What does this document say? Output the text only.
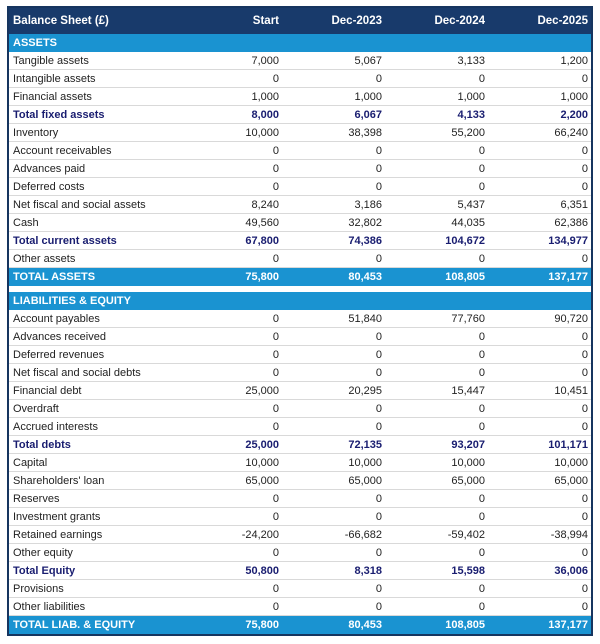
Balance Sheet (£)	Start	Dec-2023	Dec-2024	Dec-2025
ASSETS
Tangible assets	7,000	5,067	3,133	1,200
Intangible assets	0	0	0	0
Financial assets	1,000	1,000	1,000	1,000
Total fixed assets	8,000	6,067	4,133	2,200
Inventory	10,000	38,398	55,200	66,240
Account receivables	0	0	0	0
Advances paid	0	0	0	0
Deferred costs	0	0	0	0
Net fiscal and social assets	8,240	3,186	5,437	6,351
Cash	49,560	32,802	44,035	62,386
Total current assets	67,800	74,386	104,672	134,977
Other assets	0	0	0	0
TOTAL ASSETS	75,800	80,453	108,805	137,177
LIABILITIES & EQUITY
Account payables	0	51,840	77,760	90,720
Advances received	0	0	0	0
Deferred revenues	0	0	0	0
Net fiscal and social debts	0	0	0	0
Financial debt	25,000	20,295	15,447	10,451
Overdraft	0	0	0	0
Accrued interests	0	0	0	0
Total debts	25,000	72,135	93,207	101,171
Capital	10,000	10,000	10,000	10,000
Shareholders' loan	65,000	65,000	65,000	65,000
Reserves	0	0	0	0
Investment grants	0	0	0	0
Retained earnings	-24,200	-66,682	-59,402	-38,994
Other equity	0	0	0	0
Total Equity	50,800	8,318	15,598	36,006
Provisions	0	0	0	0
Other liabilities	0	0	0	0
TOTAL LIAB. & EQUITY	75,800	80,453	108,805	137,177
